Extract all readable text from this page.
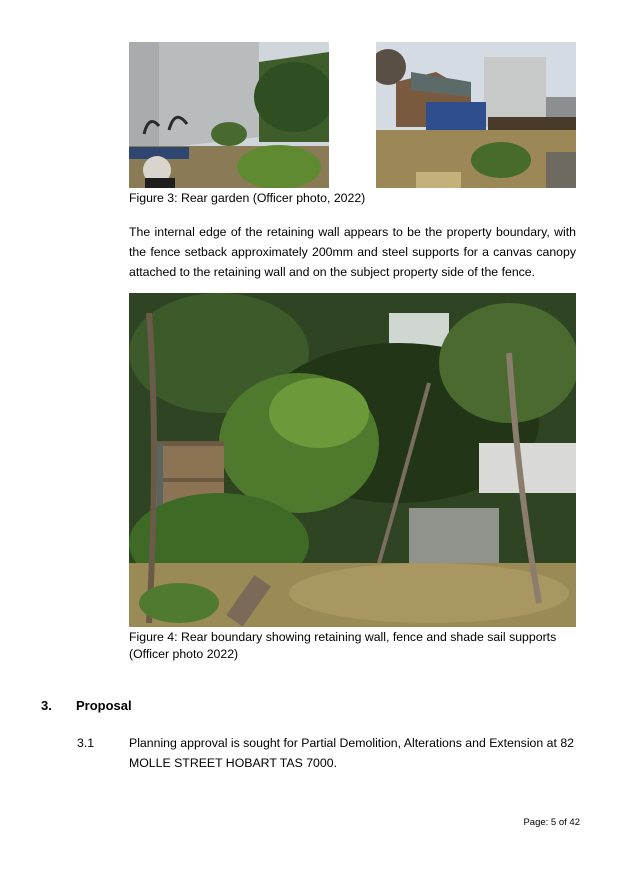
Figure 3: Rear garden (Officer photo, 2022)
The internal edge of the retaining wall appears to be the property boundary, with the fence setback approximately 200mm and steel supports for a canvas canopy attached to the retaining wall and on the subject property side of the fence.
Figure 4: Rear boundary showing retaining wall, fence and shade sail supports
(Officer photo 2022)
3. Proposal
3.1	Planning approval is sought for Partial Demolition, Alterations and Extension at 82
MOLLE STREET HOBART TAS 7000.
Page: 5 of 42
